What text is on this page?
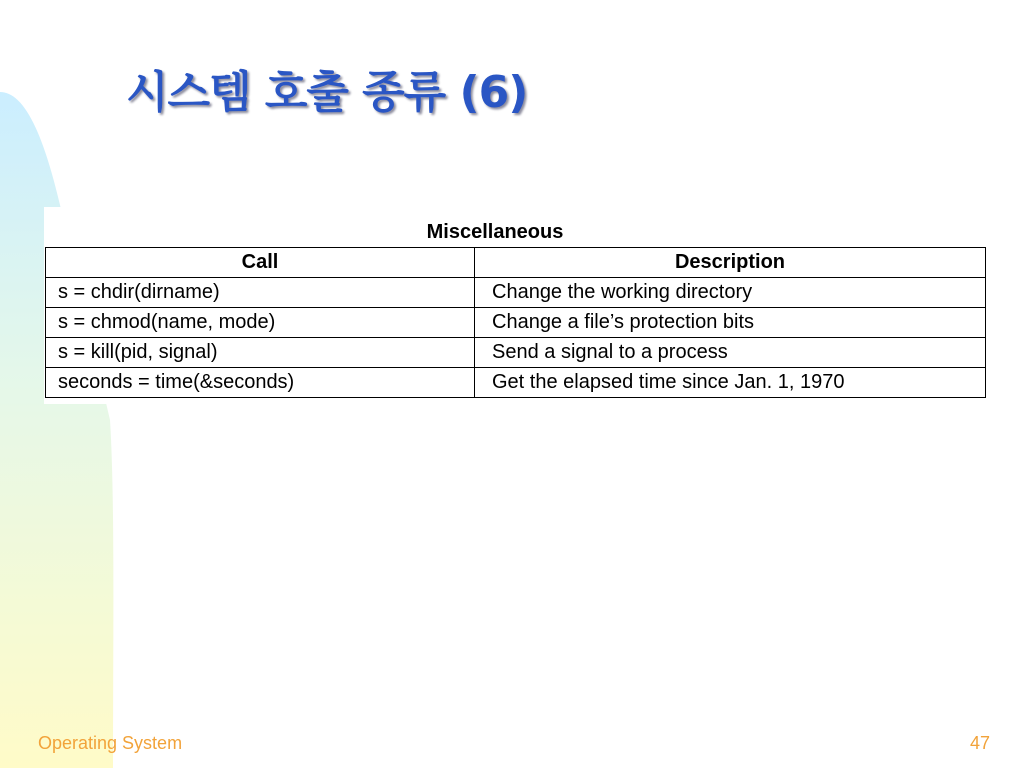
시스템 호출 종류 (6)
Miscellaneous
Call	Description
s = chdir(dirname)	Change the working directory
s = chmod(name, mode)	Change a file’s protection bits
s = kill(pid, signal)	Send a signal to a process
seconds = time(&seconds)	Get the elapsed time since Jan. 1, 1970
Operating System	47
